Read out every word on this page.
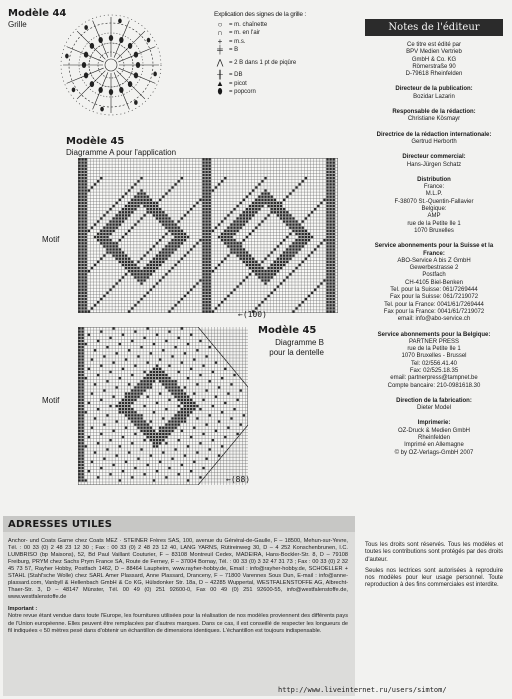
Modèle 44
Grille
Explication des signes de la grille :
○	= m. chaînette
∩	= m. en l'air
+	= m.s.
╪	= B
⋀ = 2 B dans 1 pt de piqûre
╫	= DB
▲ = picot
⬮	= popcorn
Modèle 45
Diagramme A pour l'application
Motif
←(100)
Modèle 45
Diagramme B
pour la dentelle
Motif
←(88)
Notes de l'éditeur
Ce titre est édité par
BPV Medien Vertrieb
GmbH & Co. KG
Römerstraße 90
D-79618 Rheinfelden
Directeur de la publication:
Bozidar Lazarin
Responsable de la rédaction:
Christiane Kösmayr
Directrice de la rédaction internationale:
Gertrud Herborth
Directeur commercial:
Hans-Jürgen Schatz
Distribution
France:
M.L.P.
F-38070 St.-Quentin-Fallavier
Belgique:
AMP
rue de la Petite Ile 1
1070 Bruxelles
Service abonnements pour la Suisse et la France:
ABO-Service A bis Z GmbH
Gewerbestrasse 2
Postfach
CH-4105 Biel-Benken
Tel. pour la Suisse: 061/7269444
Fax pour la Suisse: 061/7219072
Tel. pour la France: 0041/61/7269444
Fax pour la France: 0041/61/7219072
email: info@abo-service.ch
Service abonnements pour la Belgique:
PARTNER PRESS
rue de la Petite Ile 1
1070 Bruxelles - Brussel
Tel: 02/556.41.40
Fax: 02/525.18.35
email: partnerpress@tampnet.be
Compte bancaire: 210-0981618.30
Direction de la fabrication:
Dieter Model
Imprimerie:
OZ-Druck & Medien GmbH
Rheinfelden
Imprimé en Allemagne
© by OZ-Verlags-GmbH 2007

Tous les droits sont réservés. Tous les modèles et toutes les contributions sont protégés par des droits d'auteur.

Seules nos lectrices sont autorisées à reproduire nos modèles pour leur usage personnel. Toute reproduction à des fins commerciales est interdite.

ADRESSES UTILES

Anchor- und Coats Garne chez Coats MEZ · STEINER Frères SAS, 100, avenue du Général-de-Gaulle, F – 18500, Mehun-sur-Yevre, Tél. : 00 33 (0) 2 48 23 12 30 ; Fax : 00 33 (0) 2 48 23 12 40, LANG YARNS, Rütireinweg 30, D – 4 252 Konschenbrunen, I.C. LUMBRISO (bp Maisons), 52, Bd Paul Vaillant Couturier, F – 83108 Montreuil Cedex, MADEIRA, Hans-Bockler-Str. 8, D – 79108 Freiburg, PRYM chez Sachs Prym France SA, Route de Ferney, F – 37004 Bornay, Tél. : 00 33 (0) 3 32 47 31 73 ; Fax : 00 33 (0) 2 32 45 73 57, Rayher Hobby, Postfach 1462, D – 88464 Laupheim, www.rayher-hobby.de, Email : info@rayher-hobby.de, SCHOELLER + STAHL (Stahl'sche Wolle) chez SARL Amer Plassard, Anne Plassard, Dranceny, F – 71800 Varennes Sous Dun, E-mail : info@anne-plassard.com, Vanbyll & Hellenbach GmbH & Co KG, Hülsdonker Str. 18a, D – 42285 Wuppertal, WESTFALENSTOFFE AG, Albrecht-Thaer-Str. 3, D – 48147 Münster, Tél. 00 49 (0) 251 92600-0, Fax 00 49 (0) 251 92600-55, info@westfalenstoffe.de, www.westfalenstoffe.de

Important :

Notre revue étant vendue dans toute l'Europe, les fournitures utilisées pour la réalisation de nos modèles proviennent des différents pays de l'Union européenne. Elles peuvent être remplacées par d'autres marques. Dans ce cas, il est conseillé de respecter les longueurs de fil indiquées « 50 mètres pesé dans d'obtenir un échantillon de dimensions identiques. L'échantillon est toujours indispensable.

http://www.liveinternet.ru/users/simtom/
